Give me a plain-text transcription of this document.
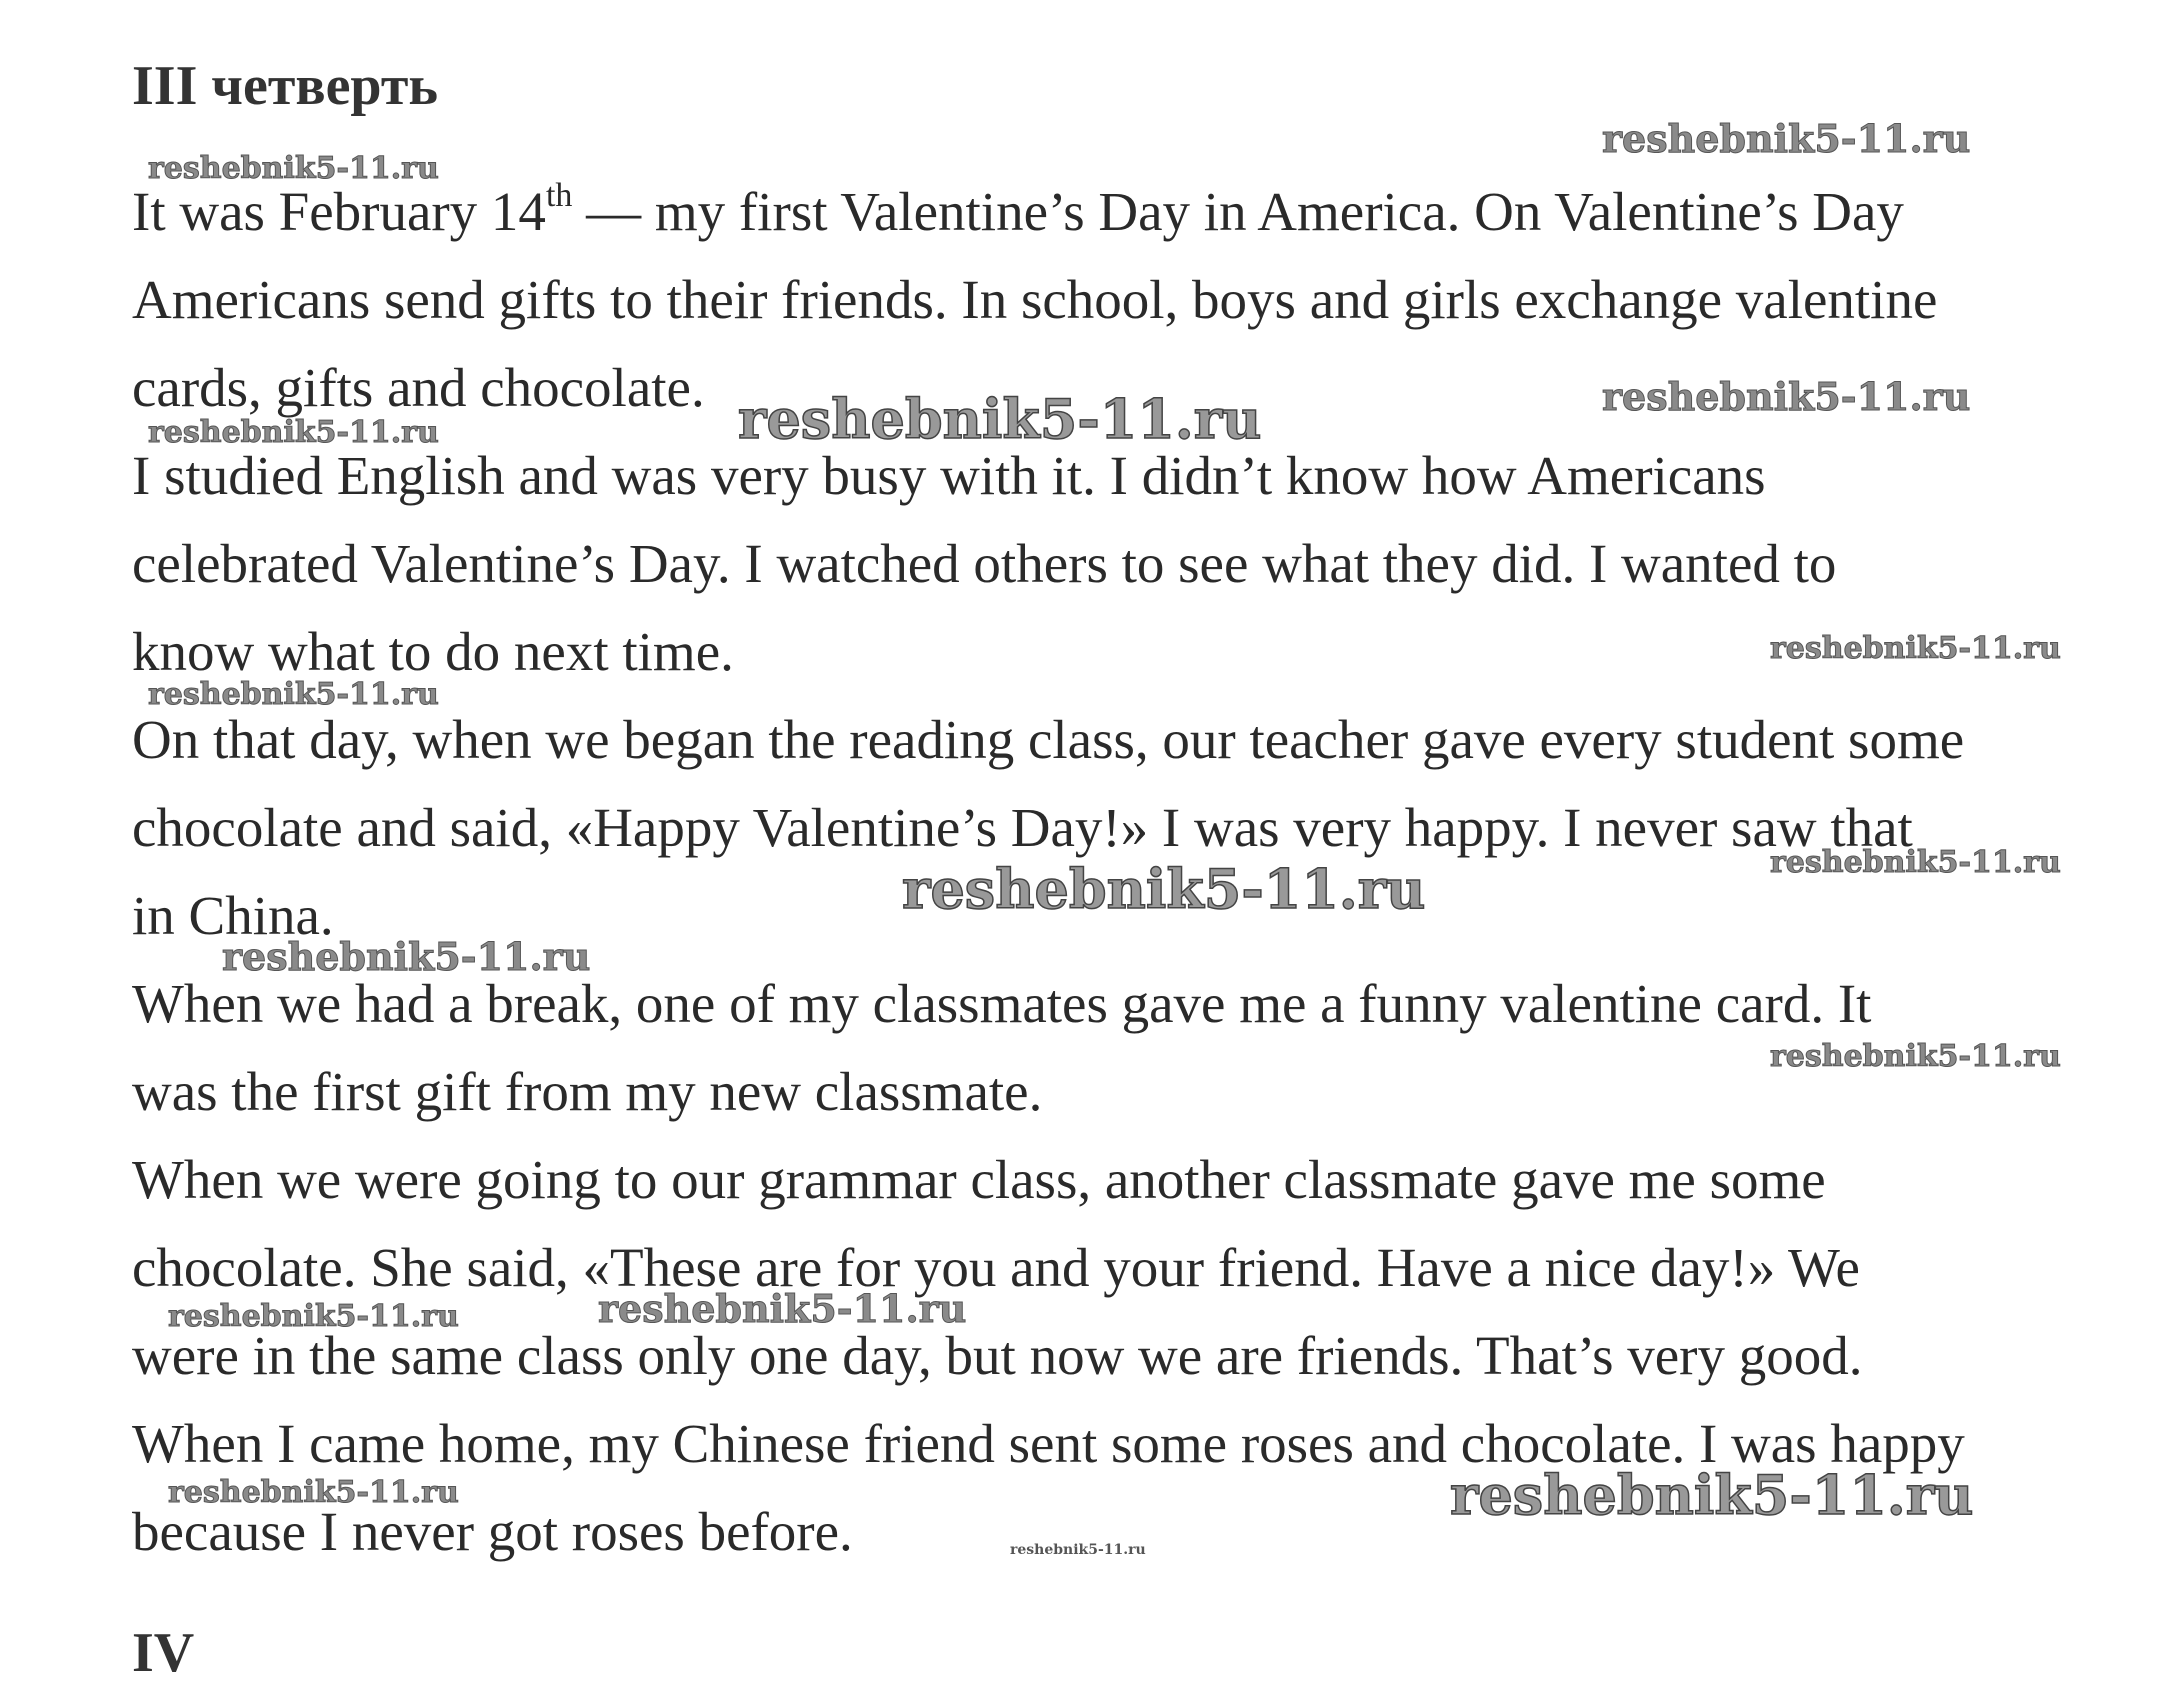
III четверть
It was February 14th — my first Valentine’s Day in America. On Valentine’s Day
Americans send gifts to their friends. In school, boys and girls exchange valentine
cards, gifts and chocolate.
I studied English and was very busy with it. I didn’t know how Americans
celebrated Valentine’s Day. I watched others to see what they did. I wanted to
know what to do next time.
On that day, when we began the reading class, our teacher gave every student some
chocolate and said, «Happy Valentine’s Day!» I was very happy. I never saw that
in China.
When we had a break, one of my classmates gave me a funny valentine card. It
was the first gift from my new classmate.
When we were going to our grammar class, another classmate gave me some
chocolate. She said, «These are for you and your friend. Have a nice day!» We
were in the same class only one day, but now we are friends. That’s very good.
When I came home, my Chinese friend sent some roses and chocolate. I was happy
because I never got roses before.
IV
reshebnik5-11.ru
reshebnik5-11.ru
reshebnik5-11.ru
reshebnik5-11.ru
reshebnik5-11.ru
reshebnik5-11.ru
reshebnik5-11.ru
reshebnik5-11.ru
reshebnik5-11.ru
reshebnik5-11.ru
reshebnik5-11.ru
reshebnik5-11.ru
reshebnik5-11.ru
reshebnik5-11.ru	reshebnik5-11.ru
reshebnik5-11.ru
